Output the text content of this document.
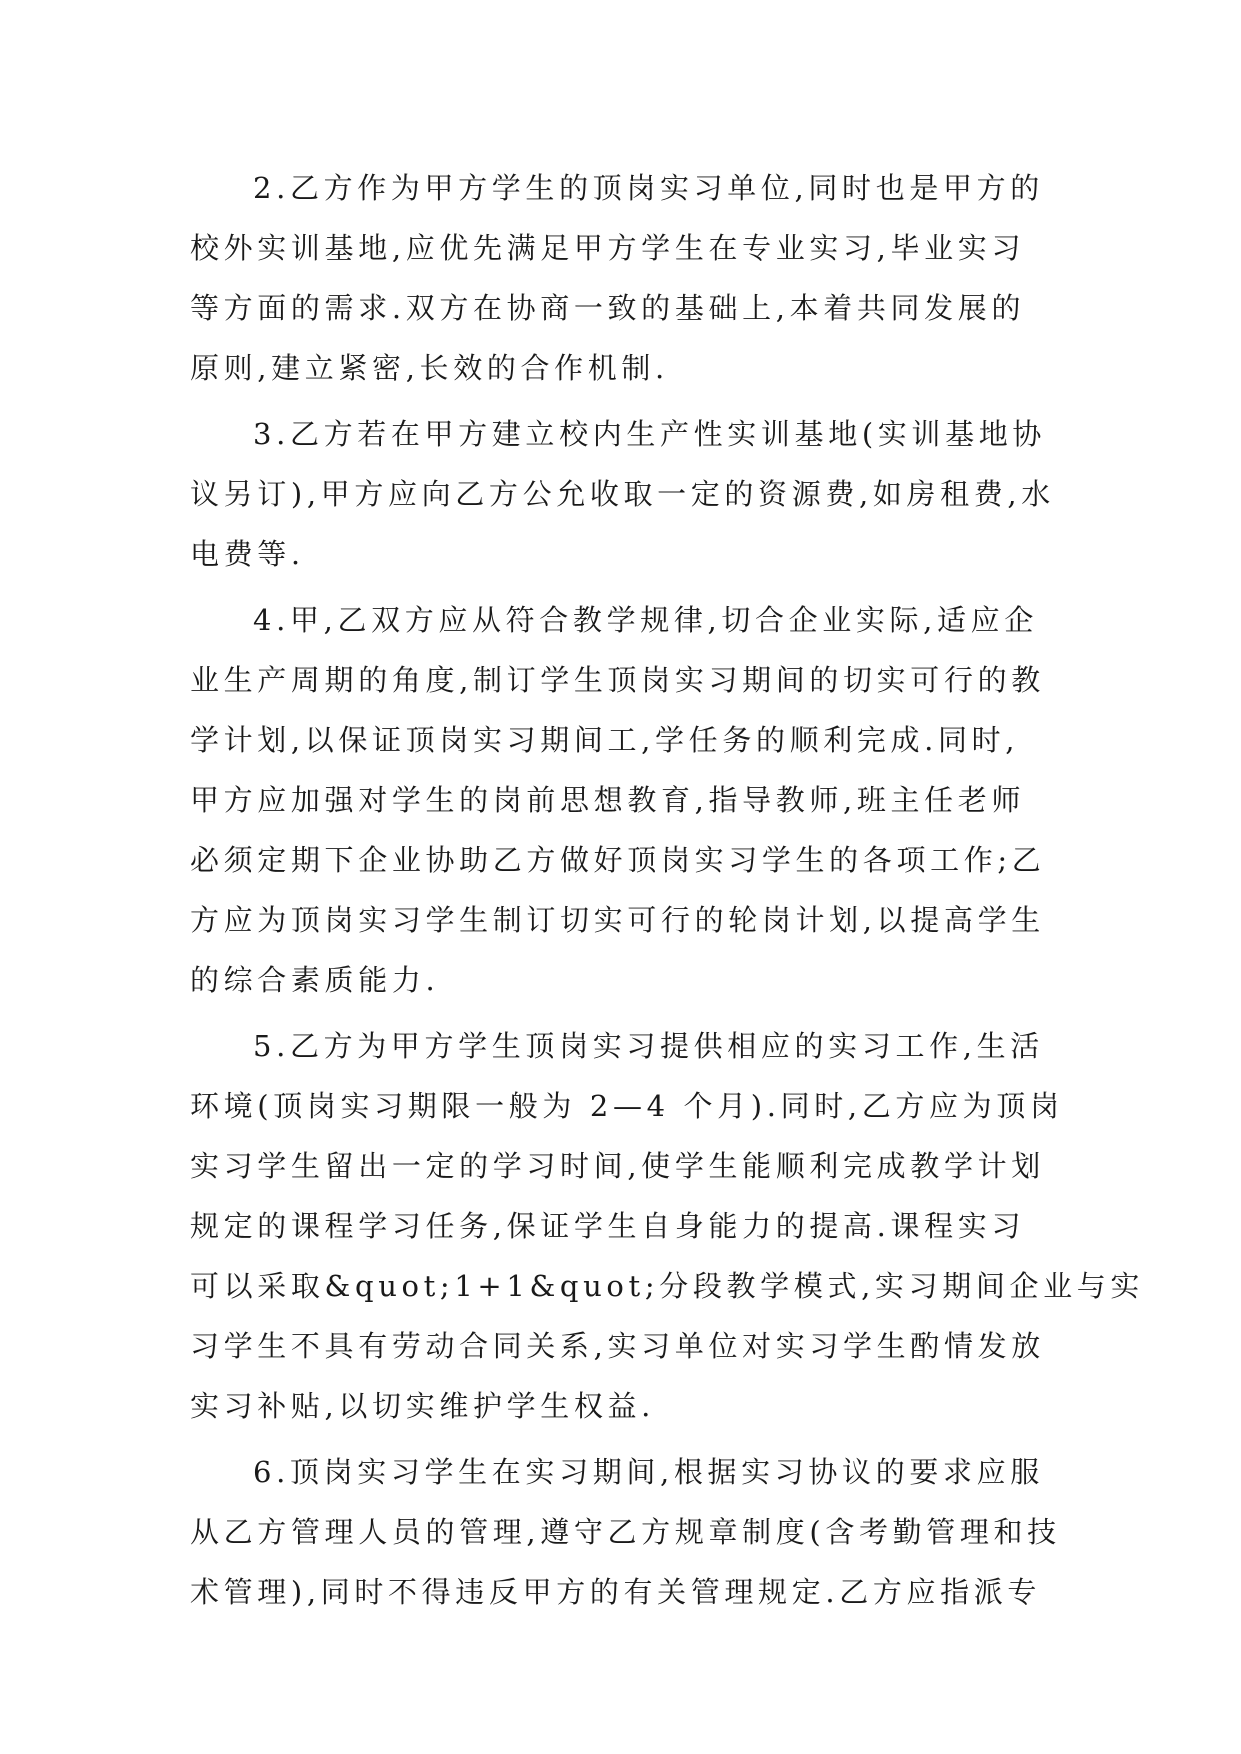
2.乙方作为甲方学生的顶岗实习单位,同时也是甲方的

校外实训基地,应优先满足甲方学生在专业实习,毕业实习

等方面的需求.双方在协商一致的基础上,本着共同发展的

原则,建立紧密,长效的合作机制.

3.乙方若在甲方建立校内生产性实训基地(实训基地协

议另订),甲方应向乙方公允收取一定的资源费,如房租费,水

电费等.

4.甲,乙双方应从符合教学规律,切合企业实际,适应企

业生产周期的角度,制订学生顶岗实习期间的切实可行的教

学计划,以保证顶岗实习期间工,学任务的顺利完成.同时,

甲方应加强对学生的岗前思想教育,指导教师,班主任老师

必须定期下企业协助乙方做好顶岗实习学生的各项工作;乙

方应为顶岗实习学生制订切实可行的轮岗计划,以提高学生

的综合素质能力.

5.乙方为甲方学生顶岗实习提供相应的实习工作,生活

环境(顶岗实习期限一般为 2—4 个月).同时,乙方应为顶岗

实习学生留出一定的学习时间,使学生能顺利完成教学计划

规定的课程学习任务,保证学生自身能力的提高.课程实习

可以采取&quot;1+1&quot;分段教学模式,实习期间企业与实

习学生不具有劳动合同关系,实习单位对实习学生酌情发放

实习补贴,以切实维护学生权益.

6.顶岗实习学生在实习期间,根据实习协议的要求应服

从乙方管理人员的管理,遵守乙方规章制度(含考勤管理和技

术管理),同时不得违反甲方的有关管理规定.乙方应指派专
